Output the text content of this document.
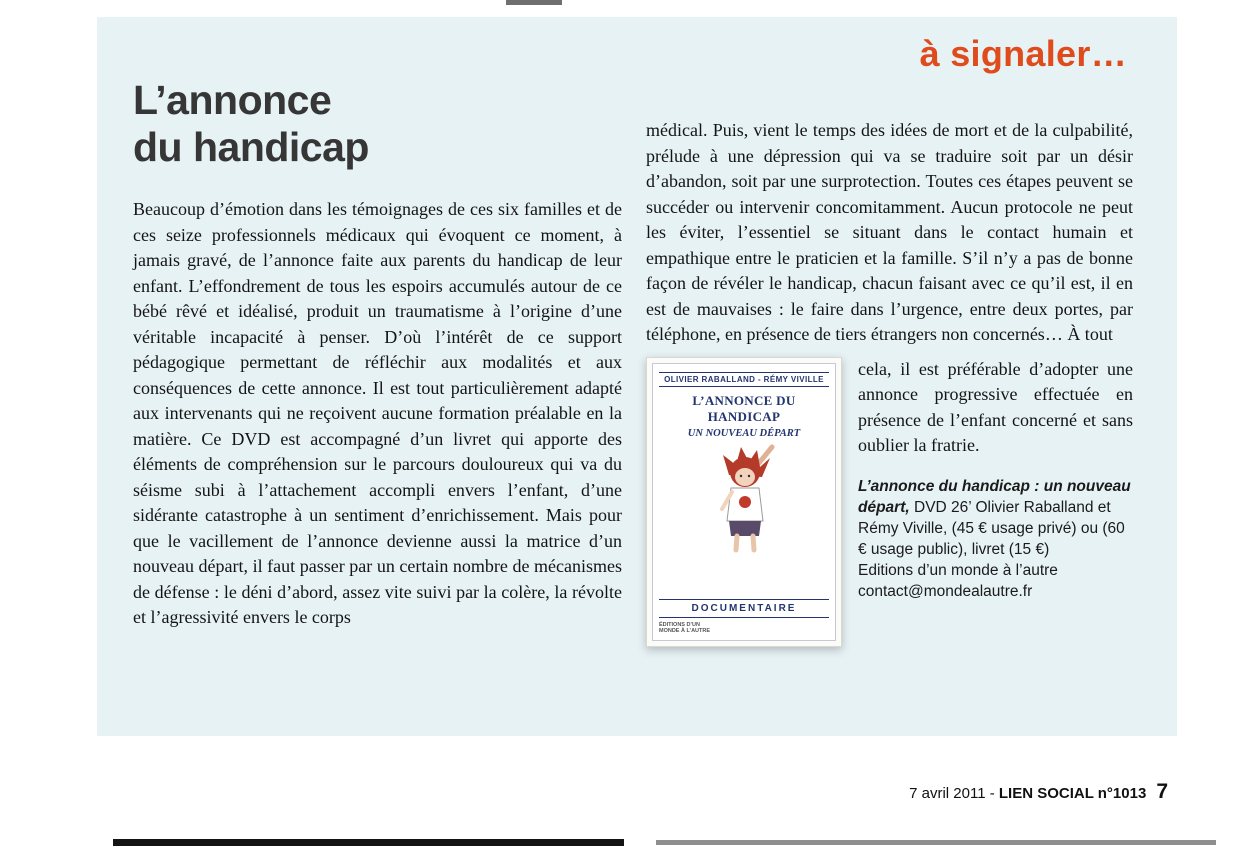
à signaler…
L’annonce
du handicap
Beaucoup d’émotion dans les témoignages de ces six familles et de ces seize professionnels médicaux qui évoquent ce moment, à jamais gravé, de l’annonce faite aux parents du handicap de leur enfant. L’effondrement de tous les espoirs accumulés autour de ce bébé rêvé et idéalisé, produit un traumatisme à l’origine d’une véritable incapacité à penser. D’où l’intérêt de ce support pédagogique permettant de réfléchir aux modalités et aux conséquences de cette annonce. Il est tout particulièrement adapté aux intervenants qui ne reçoivent aucune formation préalable en la matière. Ce DVD est accompagné d’un livret qui apporte des éléments de compréhension sur le parcours douloureux qui va du séisme subi à l’attachement accompli envers l’enfant, d’une sidérante catastrophe à un sentiment d’enrichissement. Mais pour que le vacillement de l’annonce devienne aussi la matrice d’un nouveau départ, il faut passer par un certain nombre de mécanismes de défense : le déni d’abord, assez vite suivi par la colère, la révolte et l’agressivité envers le corps
médical. Puis, vient le temps des idées de mort et de la culpabilité, prélude à une dépression qui va se traduire soit par un désir d’abandon, soit par une surprotection. Toutes ces étapes peuvent se succéder ou intervenir concomitamment. Aucun protocole ne peut les éviter, l’essentiel se situant dans le contact humain et empathique entre le praticien et la famille. S’il n’y a pas de bonne façon de révéler le handicap, chacun faisant avec ce qu’il est, il en est de mauvaises : le faire dans l’urgence, entre deux portes, par téléphone, en présence de tiers étrangers non concernés… À tout
OLIVIER RABALLAND - RÉMY VIVILLE
L’ANNONCE DU HANDICAP
UN NOUVEAU DÉPART
DOCUMENTAIRE
ÉDITIONS D’UN MONDE À L’AUTRE
cela, il est préférable d’adopter une annonce progressive effectuée en présence de l’enfant concerné et sans oublier la fratrie.
L’annonce du handicap : un nouveau départ, DVD 26’ Olivier Raballand et Rémy Viville, (45 € usage privé) ou (60 € usage public), livret (15 €)
Editions d’un monde à l’autre
contact@mondealautre.fr
7 avril 2011 - LIEN SOCIAL n°1013 7
